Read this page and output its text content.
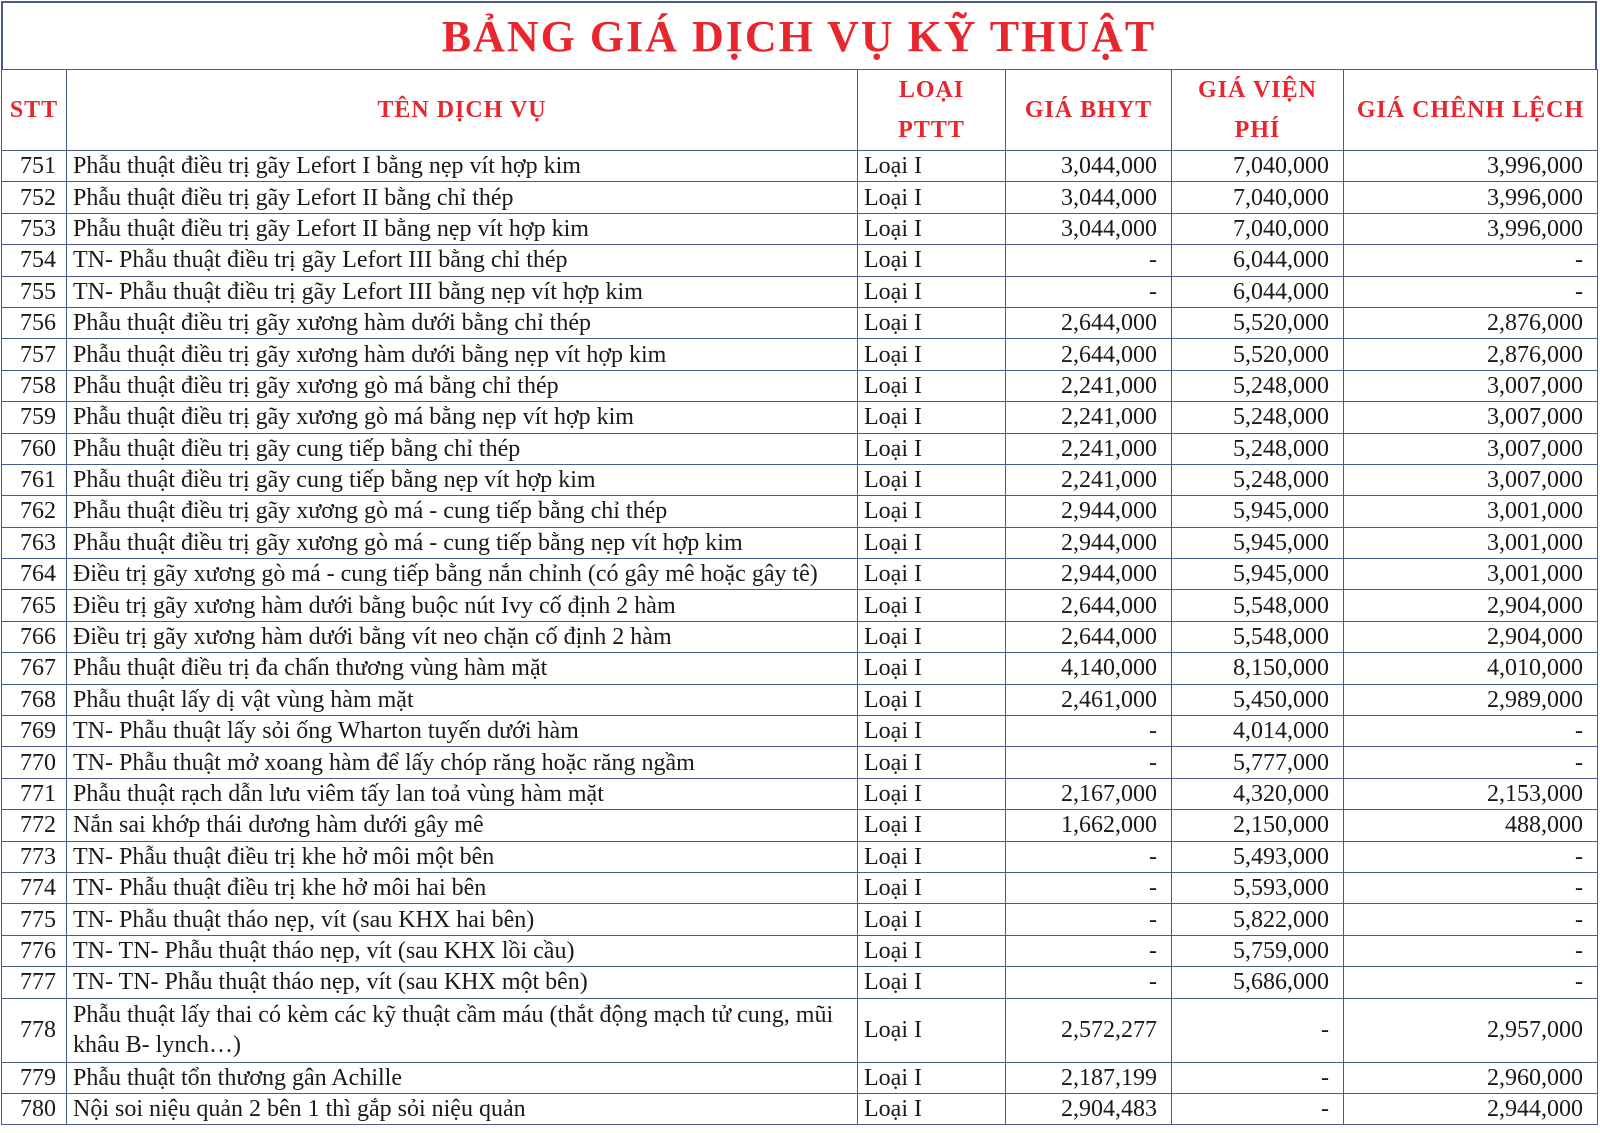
BẢNG GIÁ DỊCH VỤ KỸ THUẬT
STT	TÊN DỊCH VỤ	LOẠI PTTT	GIÁ BHYT	GIÁ VIỆN PHÍ	GIÁ CHÊNH LỆCH
751	Phẫu thuật điều trị gãy Lefort I bằng nẹp vít hợp kim	Loại I	3,044,000	7,040,000	3,996,000
752	Phẫu thuật điều trị gãy Lefort II bằng chỉ thép	Loại I	3,044,000	7,040,000	3,996,000
753	Phẫu thuật điều trị gãy Lefort II bằng nẹp vít hợp kim	Loại I	3,044,000	7,040,000	3,996,000
754	TN- Phẫu thuật điều trị gãy Lefort III bằng chỉ thép	Loại I	-	6,044,000	-
755	TN- Phẫu thuật điều trị gãy Lefort III bằng nẹp vít hợp kim	Loại I	-	6,044,000	-
756	Phẫu thuật điều trị gãy xương hàm dưới bằng chỉ thép	Loại I	2,644,000	5,520,000	2,876,000
757	Phẫu thuật điều trị gãy xương hàm dưới bằng nẹp vít hợp kim	Loại I	2,644,000	5,520,000	2,876,000
758	Phẫu thuật điều trị gãy xương gò má bằng chỉ thép	Loại I	2,241,000	5,248,000	3,007,000
759	Phẫu thuật điều trị gãy xương gò má bằng nẹp vít hợp kim	Loại I	2,241,000	5,248,000	3,007,000
760	Phẫu thuật điều trị gãy cung tiếp bằng chỉ thép	Loại I	2,241,000	5,248,000	3,007,000
761	Phẫu thuật điều trị gãy cung tiếp bằng nẹp vít hợp kim	Loại I	2,241,000	5,248,000	3,007,000
762	Phẫu thuật điều trị gãy xương gò má - cung tiếp bằng chỉ thép	Loại I	2,944,000	5,945,000	3,001,000
763	Phẫu thuật điều trị gãy xương gò má - cung tiếp bằng nẹp vít hợp kim	Loại I	2,944,000	5,945,000	3,001,000
764	Điều trị gãy xương gò má - cung tiếp bằng nắn chỉnh (có gây mê hoặc gây tê)	Loại I	2,944,000	5,945,000	3,001,000
765	Điều trị gãy xương hàm dưới bằng buộc nút Ivy cố định 2 hàm	Loại I	2,644,000	5,548,000	2,904,000
766	Điều trị gãy xương hàm dưới bằng vít neo chặn cố định 2 hàm	Loại I	2,644,000	5,548,000	2,904,000
767	Phẫu thuật điều trị đa chấn thương vùng hàm mặt	Loại I	4,140,000	8,150,000	4,010,000
768	Phẫu thuật lấy dị vật vùng hàm mặt	Loại I	2,461,000	5,450,000	2,989,000
769	TN- Phẫu thuật lấy sỏi ống Wharton tuyến dưới hàm	Loại I	-	4,014,000	-
770	TN- Phẫu thuật mở xoang hàm để lấy chóp răng hoặc răng ngầm	Loại I	-	5,777,000	-
771	Phẫu thuật rạch dẫn lưu viêm tấy lan toả vùng hàm mặt	Loại I	2,167,000	4,320,000	2,153,000
772	Nắn sai khớp thái dương hàm dưới gây mê	Loại I	1,662,000	2,150,000	488,000
773	TN- Phẫu thuật điều trị khe hở môi một bên	Loại I	-	5,493,000	-
774	TN- Phẫu thuật điều trị khe hở môi hai bên	Loại I	-	5,593,000	-
775	TN- Phẫu thuật tháo nẹp, vít (sau KHX hai bên)	Loại I	-	5,822,000	-
776	TN- TN- Phẫu thuật tháo nẹp, vít (sau KHX lồi cầu)	Loại I	-	5,759,000	-
777	TN- TN- Phẫu thuật tháo nẹp, vít (sau KHX một bên)	Loại I	-	5,686,000	-
778	Phẫu thuật lấy thai có kèm các kỹ thuật cầm máu (thắt động mạch tử cung, mũi khâu B- lynch…)	Loại I	2,572,277	-	2,957,000
779	Phẫu thuật tổn thương gân Achille	Loại I	2,187,199	-	2,960,000
780	Nội soi niệu quản 2 bên 1 thì gắp sỏi niệu quản	Loại I	2,904,483	-	2,944,000
